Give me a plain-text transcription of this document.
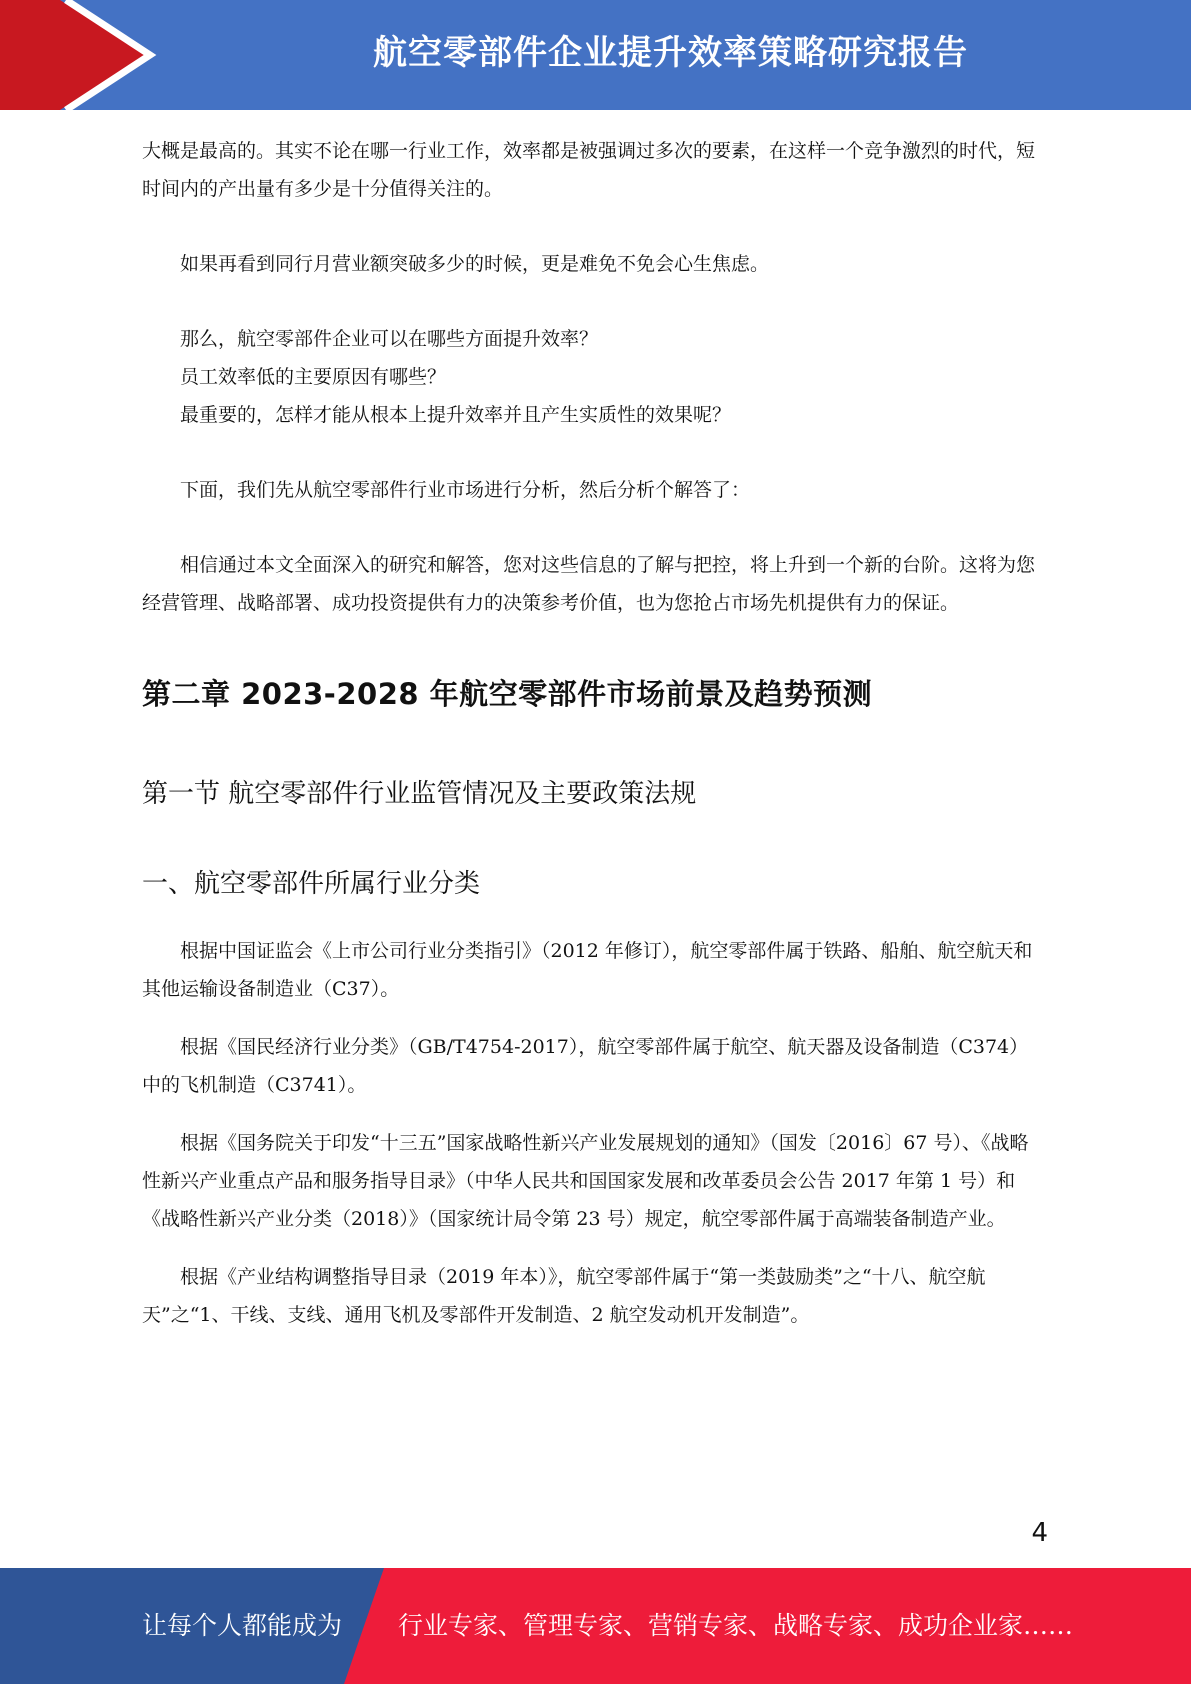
航空零部件企业提升效率策略研究报告

大概是最高的。其实不论在哪一行业工作，效率都是被强调过多次的要素，在这样一个竞争激烈的时代，短时间内的产出量有多少是十分值得关注的。

如果再看到同行月营业额突破多少的时候，更是难免不免会心生焦虑。

那么，航空零部件企业可以在哪些方面提升效率？

员工效率低的主要原因有哪些？

最重要的，怎样才能从根本上提升效率并且产生实质性的效果呢？

下面，我们先从航空零部件行业市场进行分析，然后分析个解答了：

相信通过本文全面深入的研究和解答，您对这些信息的了解与把控，将上升到一个新的台阶。这将为您经营管理、战略部署、成功投资提供有力的决策参考价值，也为您抢占市场先机提供有力的保证。

第二章 2023-2028 年航空零部件市场前景及趋势预测
第一节 航空零部件行业监管情况及主要政策法规
一、航空零部件所属行业分类

根据中国证监会《上市公司行业分类指引》（2012 年修订），航空零部件属于铁路、船舶、航空航天和其他运输设备制造业（C37）。

根据《国民经济行业分类》（GB/T4754-2017），航空零部件属于航空、航天器及设备制造（C374）中的飞机制造（C3741）。

根据《国务院关于印发“十三五”国家战略性新兴产业发展规划的通知》（国发〔2016〕67 号）、《战略性新兴产业重点产品和服务指导目录》（中华人民共和国国家发展和改革委员会公告 2017 年第 1 号）和《战略性新兴产业分类（2018）》（国家统计局令第 23 号）规定，航空零部件属于高端装备制造产业。

根据《产业结构调整指导目录（2019 年本）》，航空零部件属于“第一类鼓励类”之“十八、航空航天”之“1、干线、支线、通用飞机及零部件开发制造、2 航空发动机开发制造”。

4
让每个人都能成为 行业专家、管理专家、营销专家、战略专家、成功企业家……
